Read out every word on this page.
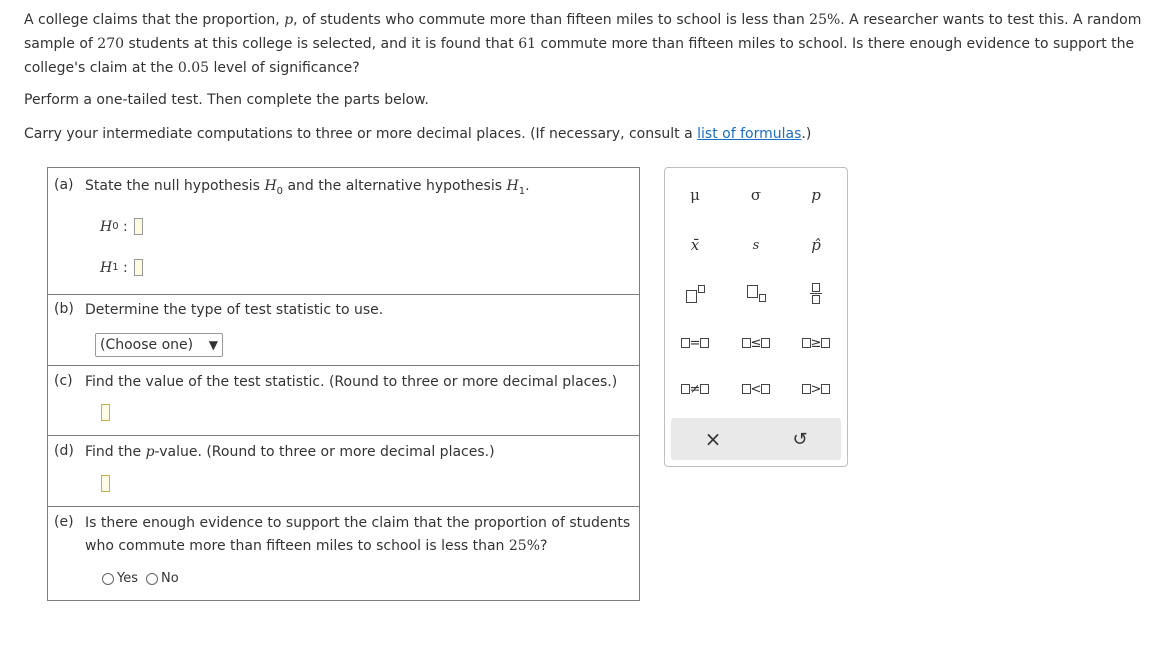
A college claims that the proportion, p, of students who commute more than fifteen miles to school is less than 25%. A researcher wants to test this. A random sample of 270 students at this college is selected, and it is found that 61 commute more than fifteen miles to school. Is there enough evidence to support the college's claim at the 0.05 level of significance?
Perform a one-tailed test. Then complete the parts below.
Carry your intermediate computations to three or more decimal places. (If necessary, consult a list of formulas.)
(a) State the null hypothesis $H_0$ and the alternative hypothesis $H_1$.
H 0
:
H 1
:
(b) Determine the type of test statistic to use.
(Choose one) ▼
(c) Find the value of the test statistic. (Round to three or more decimal places.)
(d) Find the p-value. (Round to three or more decimal places.)
(e) Is there enough evidence to support the claim that the proportion of students who commute more than fifteen miles to school is less than 25%?
Yes No
μ	σ	p
x̄	s	p̂
=	≤	≥
≠	<	>
×	↺
